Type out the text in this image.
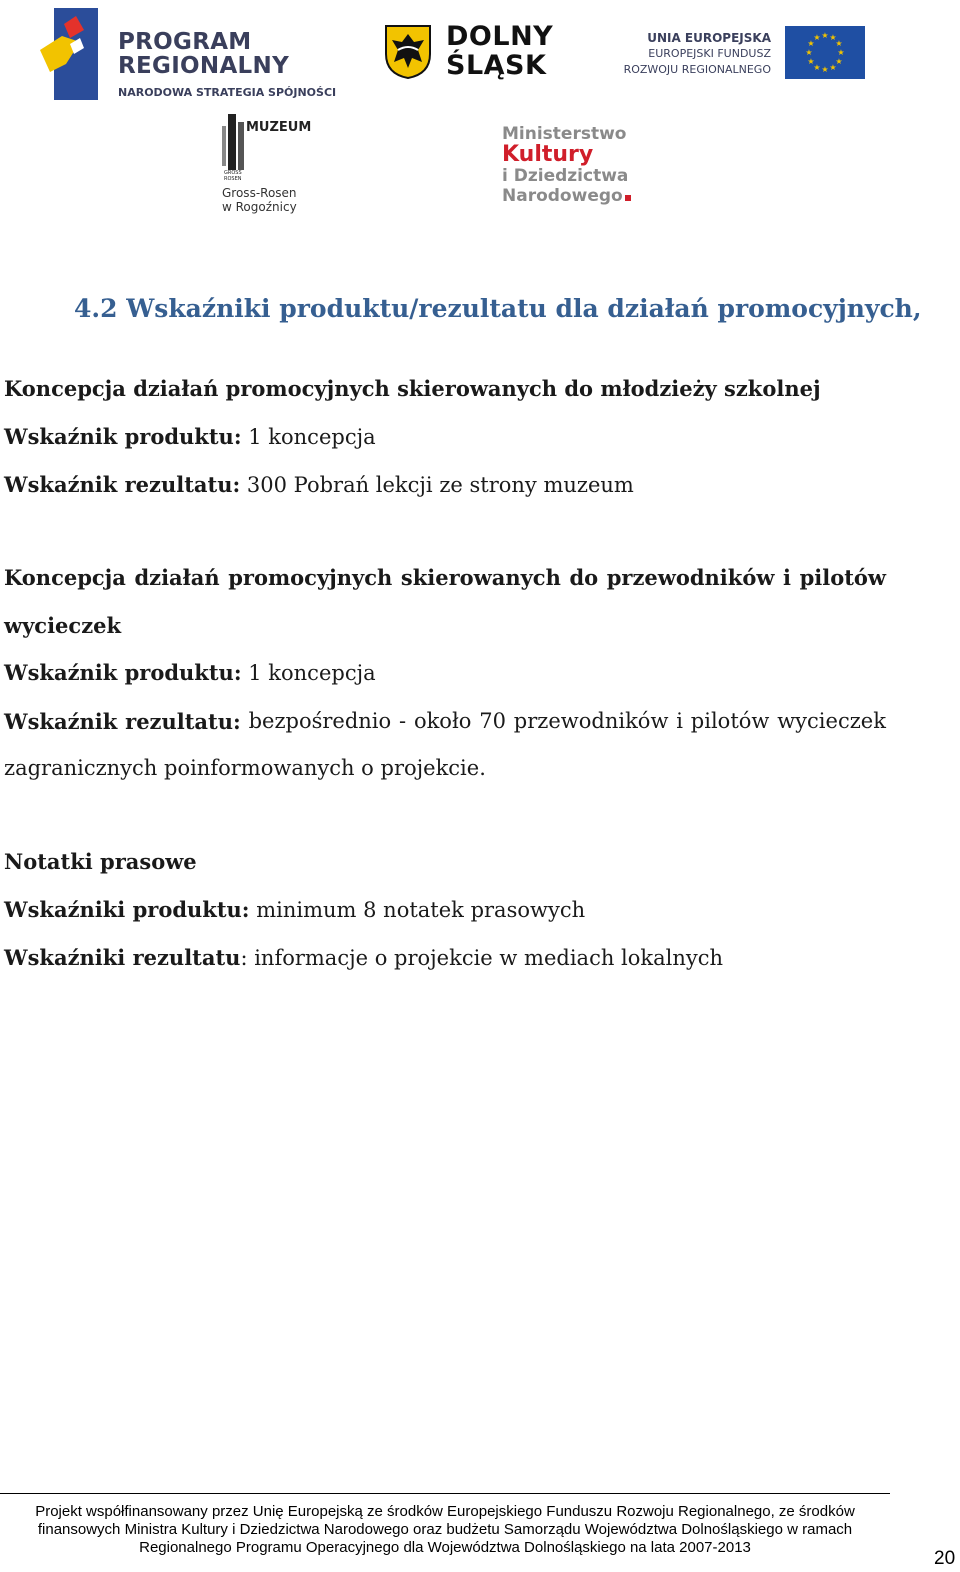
PROGRAM
REGIONALNY
NARODOWA STRATEGIA SPÓJNOŚCI
DOLNY
ŚLĄSK
UNIA EUROPEJSKA
EUROPEJSKI FUNDUSZ
ROZWOJU REGIONALNEGO
★ ★
★
★
★
★
★
★
★
★
★
★
MUZEUM
GROSS ROSEN
Gross-Rosen
w Rogoźnicy
Ministerstwo
Kultury
i Dziedzictwa
Narodowego
4.2 Wskaźniki produktu/rezultatu dla działań promocyjnych,
Koncepcja działań promocyjnych skierowanych do młodzieży szkolnej
Wskaźnik produktu: 1 koncepcja
Wskaźnik rezultatu: 300 Pobrań lekcji ze strony muzeum
Koncepcja działań promocyjnych skierowanych do przewodników i pilotów
wycieczek
Wskaźnik produktu: 1 koncepcja
Wskaźnik rezultatu: bezpośrednio - około 70 przewodników i pilotów wycieczek
zagranicznych poinformowanych o projekcie.
Notatki prasowe
Wskaźniki produktu: minimum 8 notatek prasowych
Wskaźniki rezultatu: informacje o projekcie w mediach lokalnych
Projekt współfinansowany przez Unię Europejską ze środków Europejskiego Funduszu Rozwoju Regionalnego, ze środków
finansowych Ministra Kultury i Dziedzictwa Narodowego oraz budżetu Samorządu Województwa Dolnośląskiego w ramach
Regionalnego Programu Operacyjnego dla Województwa Dolnośląskiego na lata 2007-2013
20
